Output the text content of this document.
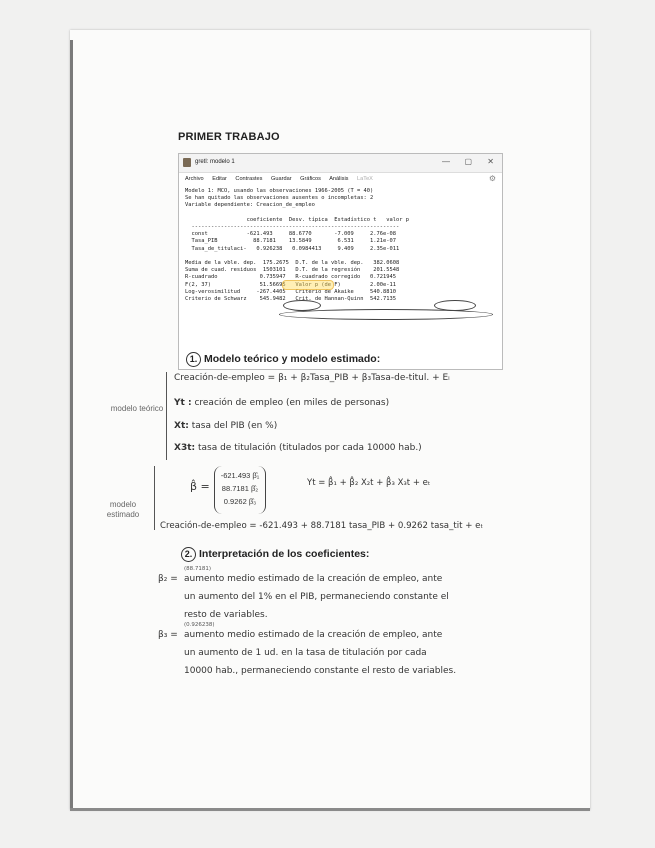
PRIMER TRABAJO
gretl: modelo 1	— ▢ ✕
Archivo Editar Contrastes Guardar Gráficos Análisis LaTeX	⚙
Modelo 1: MCO, usando las observaciones 1966-2005 (T = 40)
Se han quitado las observaciones ausentes o incompletas: 2
Variable dependiente: Creacion_de_empleo

coeficiente  Desv. típica  Estadístico t   valor p
----------------------------------------------------------------
const            -621.493     88.6770       -7.009     2.76e-08
Tasa_PIB           88.7181    13.5849        6.531     1.21e-07
Tasa_de_titulaci-   0.926238   0.0984413     9.409     2.35e-011

Media de la vble. dep.  175.2675  D.T. de la vble. dep.   382.0608
Suma de cuad. residuos  1503101   D.T. de la regresión    201.5548
R-cuadrado             0.735947   R-cuadrado corregido   0.721945
F(2, 37)               51.56695   Valor p (de F)         2.00e-11
Log-verosimilitud     -267.4405   Criterio de Akaike     540.8810
Criterio de Schwarz    545.9482   Crit. de Hannan-Quinn  542.7135
1. Modelo teórico y modelo estimado:
modelo teórico
Creación-de-empleo = β₁ + β₂Tasa_PIB + β₃Tasa-de-titul. + Eᵢ
Yt : creación de empleo (en miles de personas)
Xt: tasa del PIB (en %)
X3t: tasa de titulación (titulados por cada 10000 hab.)
modelo estimado
β̂ =
-621.493 β̂₁
88.7181 β̂₂
0.9262 β̂₃
Yt = β̂₁ + β̂₂ X₂t + β̂₃ X₃t + eₜ
Creación-de-empleo = -621.493 + 88.7181 tasa_PIB + 0.9262 tasa_tit + eₜ
2. Interpretación de los coeficientes:
(88.7181)
β₂ = aumento medio estimado de la creación de empleo, ante
un aumento del 1% en el PIB, permaneciendo constante el
resto de variables.
(0.926238)
β₃ = aumento medio estimado de la creación de empleo, ante
un aumento de 1 ud. en la tasa de titulación por cada
10000 hab., permaneciendo constante el resto de variables.
